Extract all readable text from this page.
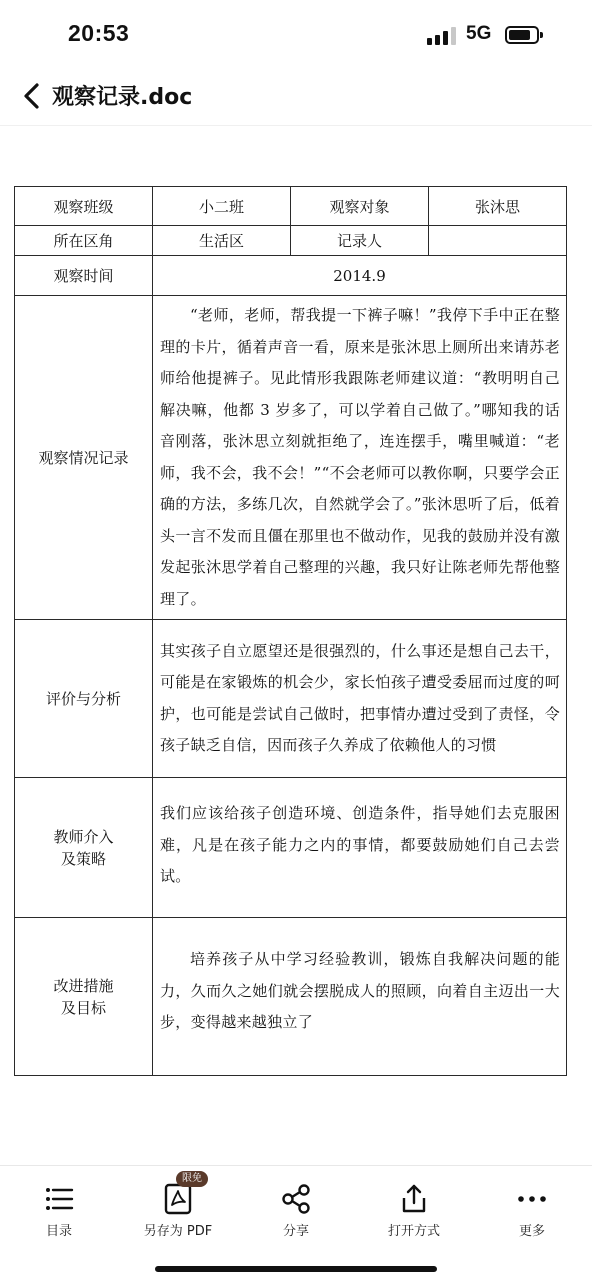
20:53	5G
观察记录.doc
观察班级	小二班	观察对象	张沐思
所在区角	生活区	记录人	
观察时间	2014.9		
观察情况记录	“老师，老师，帮我提一下裤子嘛！”我停下手中正在整理的卡片，循着声音一看，原来是张沐思上厕所出来请苏老师给他提裤子。见此情形我跟陈老师建议道：“教明明自己解决嘛，他都 3 岁多了，可以学着自己做了。”哪知我的话音刚落，张沐思立刻就拒绝了，连连摆手，嘴里喊道：“老师，我不会，我不会！”“不会老师可以教你啊，只要学会正确的方法，多练几次，自然就学会了。”张沐思听了后，低着头一言不发而且僵在那里也不做动作，见我的鼓励并没有激发起张沐思学着自己整理的兴趣，我只好让陈老师先帮他整理了。		
评价与分析	其实孩子自立愿望还是很强烈的，什么事还是想自己去干，可能是在家锻炼的机会少，家长怕孩子遭受委屈而过度的呵护，也可能是尝试自己做时，把事情办遭过受到了责怪，令孩子缺乏自信，因而孩子久养成了依赖他人的习惯		

教师介入
及策略	我们应该给孩子创造环境、创造条件，指导她们去克服困难，凡是在孩子能力之内的事情，都要鼓励她们自己去尝试。		

改进措施
及目标	培养孩子从中学习经验教训，锻炼自我解决问题的能力，久而久之她们就会摆脱成人的照顾，向着自主迈出一大步，变得越来越独立了		
目录	另存为 PDF
限免
分享	打开方式	更多
